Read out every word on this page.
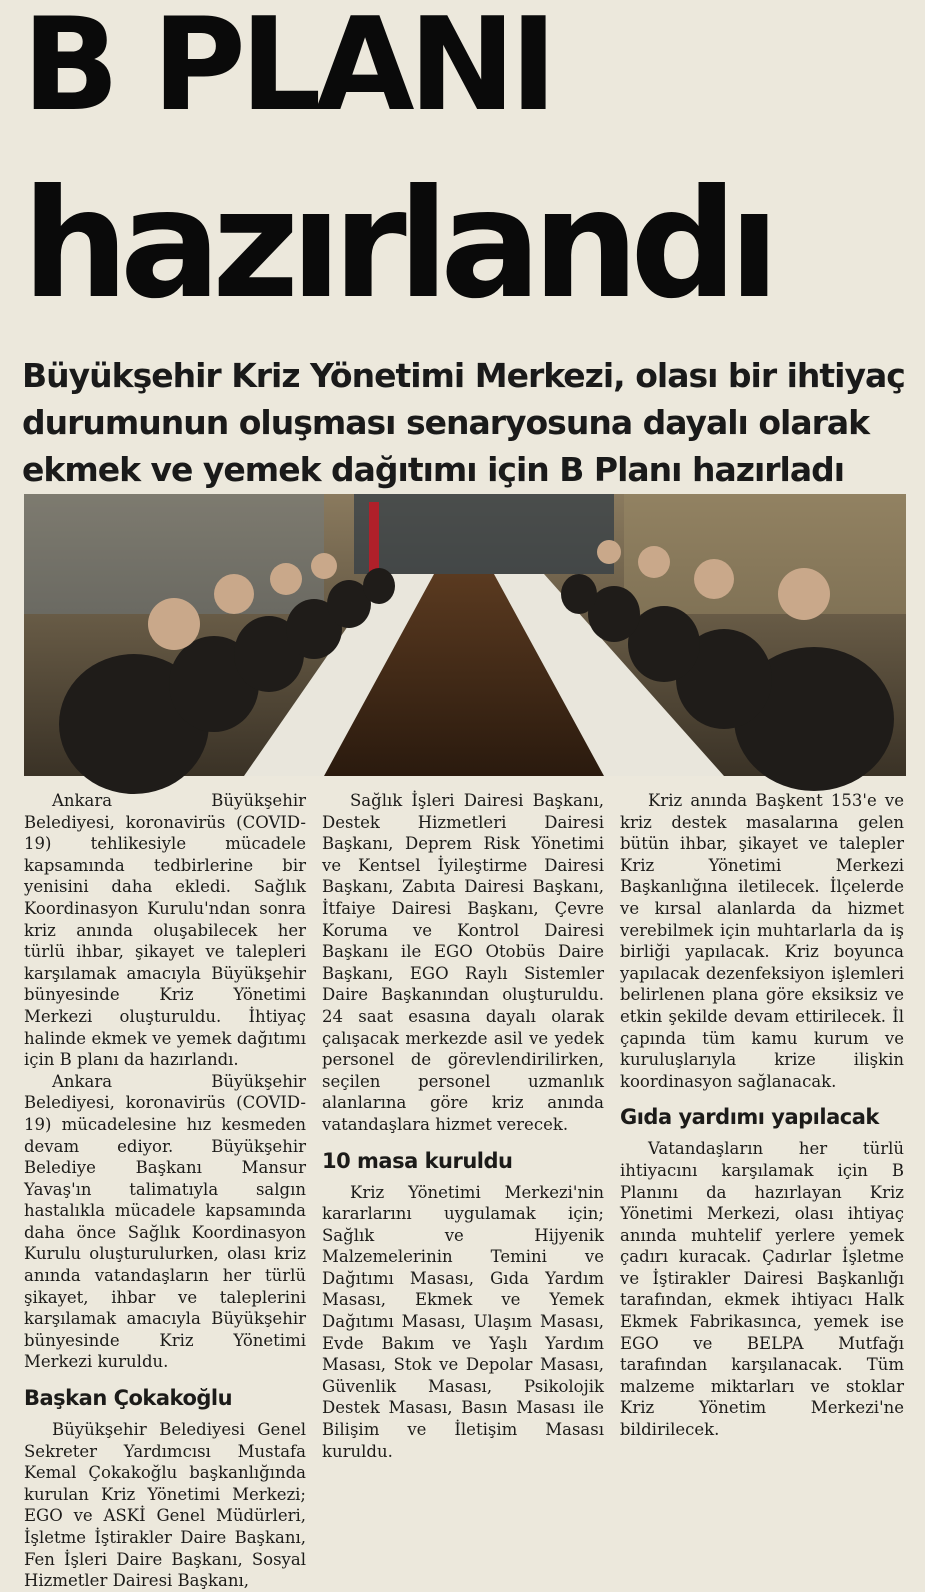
B PLANI
hazırlandı
Büyükşehir Kriz Yönetimi Merkezi, olası bir ihtiyaç
durumunun oluşması senaryosuna dayalı olarak
ekmek ve yemek dağıtımı için B Planı hazırladı

Ankara Büyükşehir Belediyesi, koronavirüs (COVID-19) tehlikesiyle mücadele kapsamında tedbirlerine bir yenisini daha ekledi. Sağlık Koordinasyon Kurulu'ndan sonra kriz anında oluşabilecek her türlü ihbar, şikayet ve talepleri karşılamak amacıyla Büyükşehir bünyesinde Kriz Yönetimi Merkezi oluşturuldu. İhtiyaç halinde ekmek ve yemek dağıtımı için B planı da hazırlandı.

Ankara Büyükşehir Belediyesi, koronavirüs (COVID-19) mücadelesine hız kesmeden devam ediyor. Büyükşehir Belediye Başkanı Mansur Yavaş'ın talimatıyla salgın hastalıkla mücadele kapsamında daha önce Sağlık Koordinasyon Kurulu oluşturulurken, olası kriz anında vatandaşların her türlü şikayet, ihbar ve taleplerini karşılamak amacıyla Büyükşehir bünyesinde Kriz Yönetimi Merkezi kuruldu.

Başkan Çokakoğlu

Büyükşehir Belediyesi Genel Sekreter Yardımcısı Mustafa Kemal Çokakoğlu başkanlığında kurulan Kriz Yönetimi Merkezi; EGO ve ASKİ Genel Müdürleri, İşletme İştirakler Daire Başkanı, Fen İşleri Daire Başkanı, Sosyal Hizmetler Dairesi Başkanı,

Sağlık İşleri Dairesi Başkanı, Destek Hizmetleri Dairesi Başkanı, Deprem Risk Yönetimi ve Kentsel İyileştirme Dairesi Başkanı, Zabıta Dairesi Başkanı, İtfaiye Dairesi Başkanı, Çevre Koruma ve Kontrol Dairesi Başkanı ile EGO Otobüs Daire Başkanı, EGO Raylı Sistemler Daire Başkanından oluşturuldu. 24 saat esasına dayalı olarak çalışacak merkezde asil ve yedek personel de görevlendirilirken, seçilen personel uzmanlık alanlarına göre kriz anında vatandaşlara hizmet verecek.

10 masa kuruldu

Kriz Yönetimi Merkezi'nin kararlarını uygulamak için; Sağlık ve Hijyenik Malzemelerinin Temini ve Dağıtımı Masası, Gıda Yardım Masası, Ekmek ve Yemek Dağıtımı Masası, Ulaşım Masası, Evde Bakım ve Yaşlı Yardım Masası, Stok ve Depolar Masası, Güvenlik Masası, Psikolojik Destek Masası, Basın Masası ile Bilişim ve İletişim Masası kuruldu.

Kriz anında Başkent 153'e ve kriz destek masalarına gelen bütün ihbar, şikayet ve talepler Kriz Yönetimi Merkezi Başkanlığına iletilecek. İlçelerde ve kırsal alanlarda da hizmet verebilmek için muhtarlarla da iş birliği yapılacak. Kriz boyunca yapılacak dezenfeksiyon işlemleri belirlenen plana göre eksiksiz ve etkin şekilde devam ettirilecek. İl çapında tüm kamu kurum ve kuruluşlarıyla krize ilişkin koordinasyon sağlanacak.

Gıda yardımı yapılacak

Vatandaşların her türlü ihtiyacını karşılamak için B Planını da hazırlayan Kriz Yönetimi Merkezi, olası ihtiyaç anında muhtelif yerlere yemek çadırı kuracak. Çadırlar İşletme ve İştirakler Dairesi Başkanlığı tarafından, ekmek ihtiyacı Halk Ekmek Fabrikasınca, yemek ise EGO ve BELPA Mutfağı tarafından karşılanacak. Tüm malzeme miktarları ve stoklar Kriz Yönetim Merkezi'ne bildirilecek.
